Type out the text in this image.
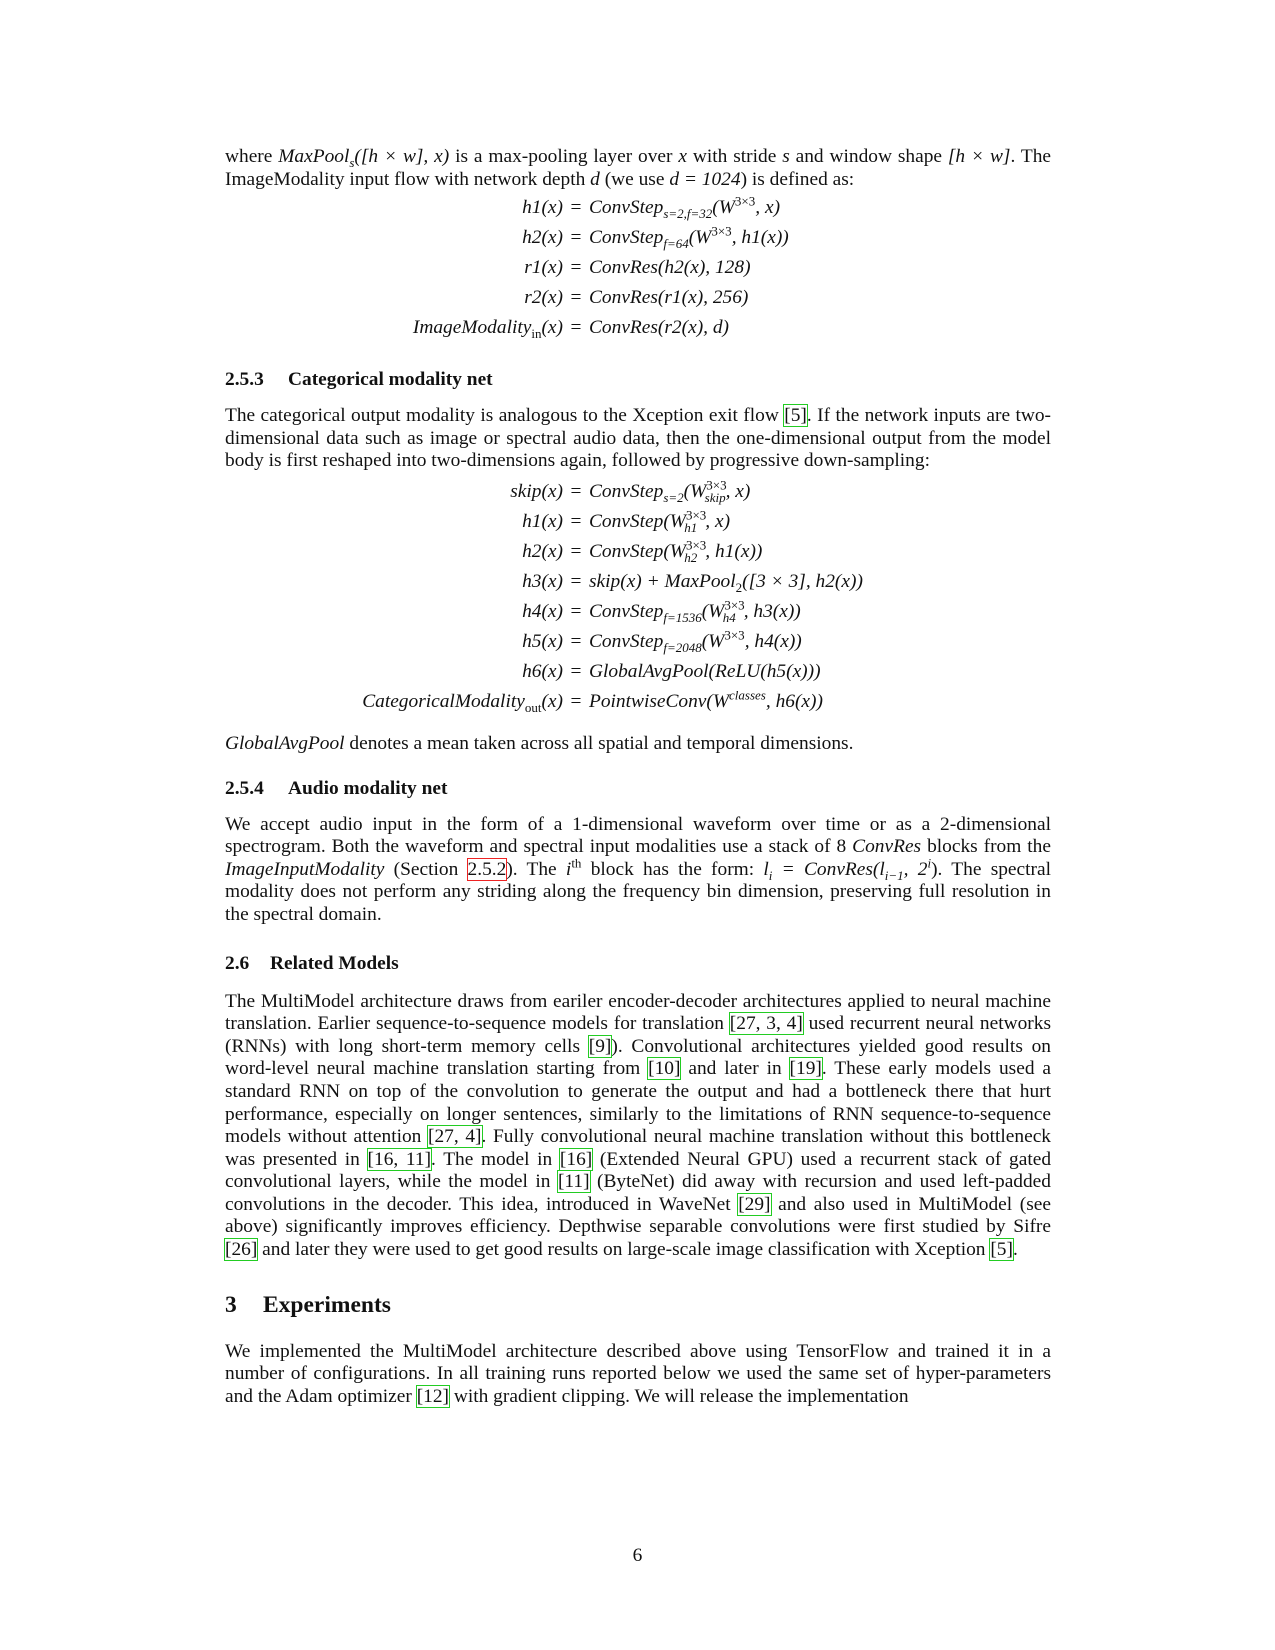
where MaxPool$_s$([h × w], x) is a max-pooling layer over x with stride s and window shape [h × w]. The ImageModality input flow with network depth d (we use d = 1024) is defined as:

$h1(x) = ConvStep_{s=2,f=32}(W^{3\times 3}$, x)
$h2(x) = ConvStep_{f=64}(W^{3\times 3}$, h1(x))
r1(x) = ConvRes(h2(x), 128)
r2(x) = ConvRes(r1(x), 256)
ImageModality$_{in}$(x) = ConvRes(r2(x), d)
2.5.3 Categorical modality net

The categorical output modality is analogous to the Xception exit flow [5]. If the network inputs are two-dimensional data such as image or spectral audio data, then the one-dimensional output from the model body is first reshaped into two-dimensions again, followed by progressive down-sampling:

skip(x) = $ConvStep_{s=2}(W^{3\times 3}_{skip}$, x)
$h1(x) = ConvStep(W^{3\times 3}_{h1}$ , x)
$h2(x) = ConvStep(W^{3\times 3}_{h2}$ , h1(x))
h3(x) = skip(x) + MaxPool$_2$([3 × 3], h2(x))
$h4(x) = ConvStep_{f=1536}(W^{3\times 3}_{h4}$ , h3(x))
$h5(x) = ConvStep_{f=2048}(W^{3\times 3}$, h4(x))
h6(x) = GlobalAvgPool(ReLU(h5(x)))
CategoricalModality$_{out}$(x) = $PointwiseConv(W^{classes}$, h6(x))

GlobalAvgPool denotes a mean taken across all spatial and temporal dimensions.

2.5.4 Audio modality net

We accept audio input in the form of a 1-dimensional waveform over time or as a 2-dimensional spectrogram. Both the waveform and spectral input modalities use a stack of 8 ConvRes blocks from the ImageInputModality (Section 2.5.2). The $i^{th}$ block has the form: $l_i$ = $ConvRes(l_{i-1}$, 2$^i$). The spectral modality does not perform any striding along the frequency bin dimension, preserving full resolution in the spectral domain.

2.6 Related Models

The MultiModel architecture draws from eariler encoder-decoder architectures applied to neural machine translation. Earlier sequence-to-sequence models for translation [27, 3, 4] used recurrent neural networks (RNNs) with long short-term memory cells [9]). Convolutional architectures yielded good results on word-level neural machine translation starting from [10] and later in [19]. These early models used a standard RNN on top of the convolution to generate the output and had a bottleneck there that hurt performance, especially on longer sentences, similarly to the limitations of RNN sequence-to-sequence models without attention [27, 4]. Fully convolutional neural machine translation without this bottleneck was presented in [16, 11]. The model in [16] (Extended Neural GPU) used a recurrent stack of gated convolutional layers, while the model in [11] (ByteNet) did away with recursion and used left-padded convolutions in the decoder. This idea, introduced in WaveNet [29] and also used in MultiModel (see above) significantly improves efficiency. Depthwise separable convolutions were first studied by Sifre [26] and later they were used to get good results on large-scale image classification with Xception [5].

3 Experiments

We implemented the MultiModel architecture described above using TensorFlow and trained it in a number of configurations. In all training runs reported below we used the same set of hyper-parameters and the Adam optimizer [12] with gradient clipping. We will release the implementation

6
